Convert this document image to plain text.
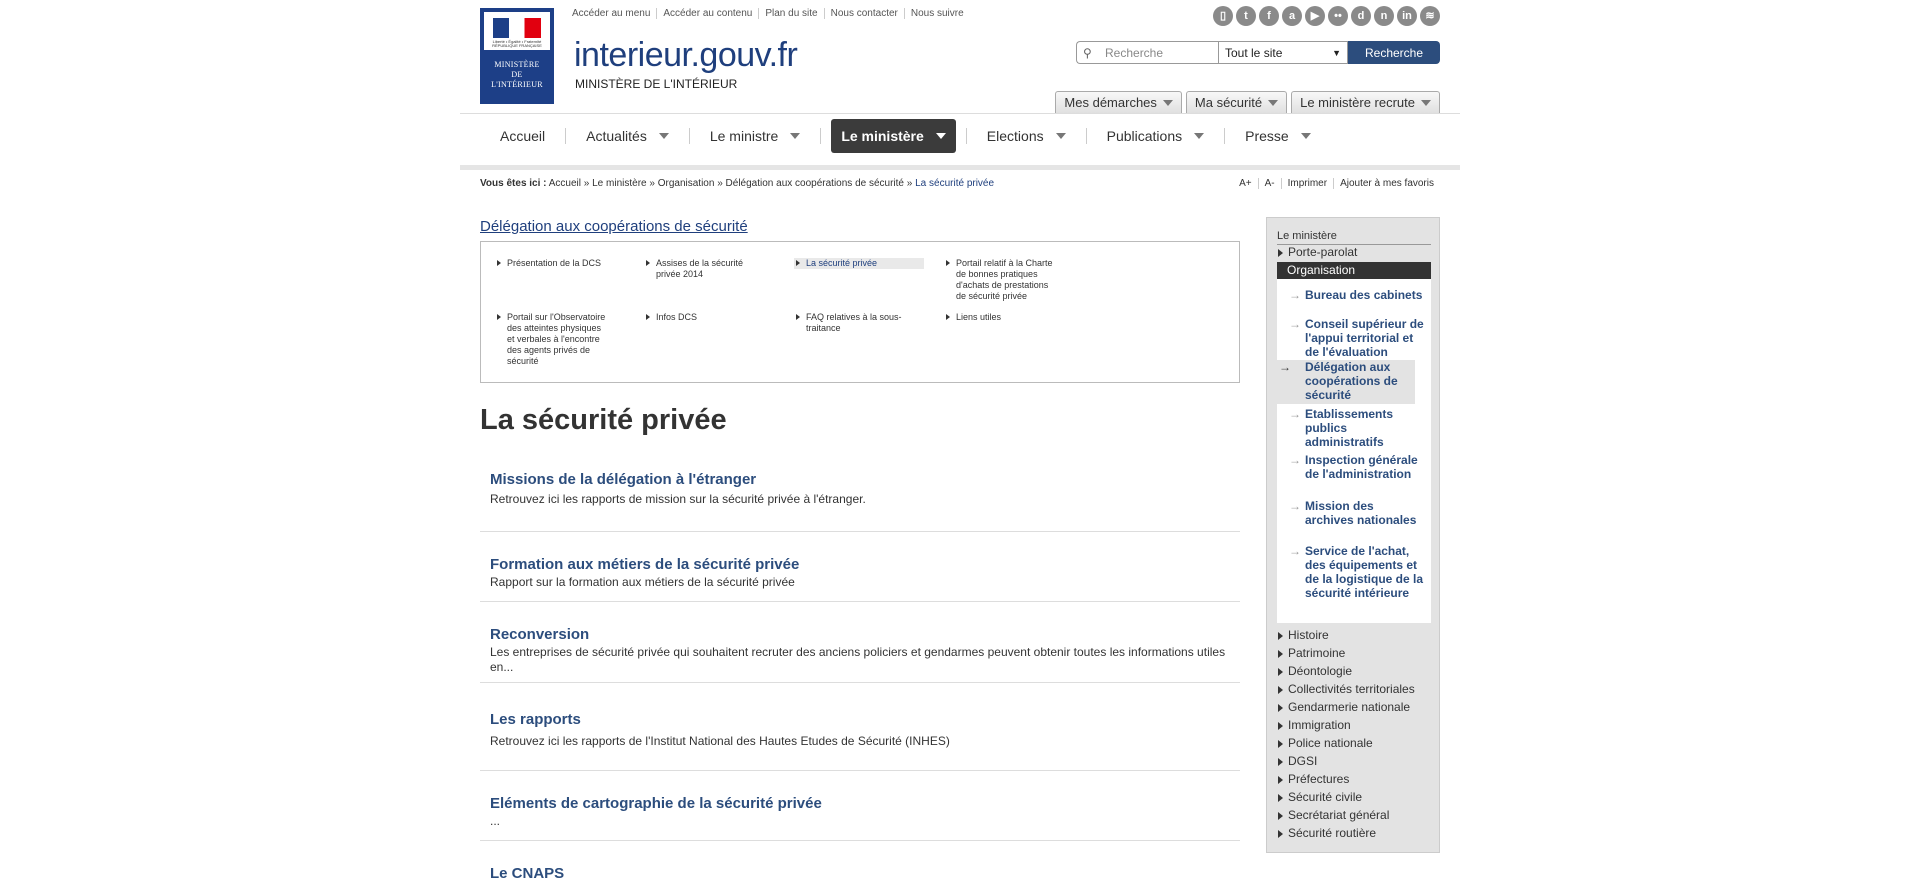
Liberté • Égalité • Fraternité RÉPUBLIQUE FRANÇAISE
MINISTÈRE
DE
L'INTÉRIEUR
Accéder au menu	Accéder au contenu	Plan du site	Nous contacter	Nous suivre
interieur.gouv.fr
MINISTÈRE DE L'INTÉRIEUR
▯	t	f	a	▶	••	d	n	in	≋
⚲	Recherche	Tout le site	▼	Recherche
Mes démarches	Ma sécurité	Le ministère recrute
Accueil	Actualités	Le ministre	Le ministère	Elections	Publications	Presse
Vous êtes ici : Accueil » Le ministère » Organisation » Délégation aux coopérations de sécurité » La sécurité privée	A+	A-	Imprimer	Ajouter à mes favoris
Délégation aux coopérations de sécurité
Présentation de la DCS	Assises de la sécurité privée 2014
La sécurité privée	Portail relatif à la Charte de bonnes pratiques d'achats de prestations de sécurité privée
Portail sur l'Observatoire des atteintes physiques et verbales à l'encontre des agents privés de sécurité
Infos DCS	FAQ relatives à la sous-traitance
Liens utiles
La sécurité privée
Missions de la délégation à l'étranger
Retrouvez ici les rapports de mission sur la sécurité privée à l'étranger.
Formation aux métiers de la sécurité privée
Rapport sur la formation aux métiers de la sécurité privée
Reconversion
Les entreprises de sécurité privée qui souhaitent recruter des anciens policiers et gendarmes peuvent obtenir toutes les informations utiles en...
Les rapports
Retrouvez ici les rapports de l'Institut National des Hautes Etudes de Sécurité (INHES)
Eléments de cartographie de la sécurité privée
...
Le CNAPS
Le ministère
Porte-parolat
Organisation
→ Bureau des cabinets
→ Conseil supérieur de l'appui territorial et de l'évaluation
→ Délégation aux coopérations de sécurité
→ Etablissements publics administratifs
→ Inspection générale de l'administration
→ Mission des archives nationales
→ Service de l'achat, des équipements et de la logistique de la sécurité intérieure
Histoire
Patrimoine
Déontologie
Collectivités territoriales
Gendarmerie nationale
Immigration
Police nationale
DGSI
Préfectures
Sécurité civile
Secrétariat général
Sécurité routière
